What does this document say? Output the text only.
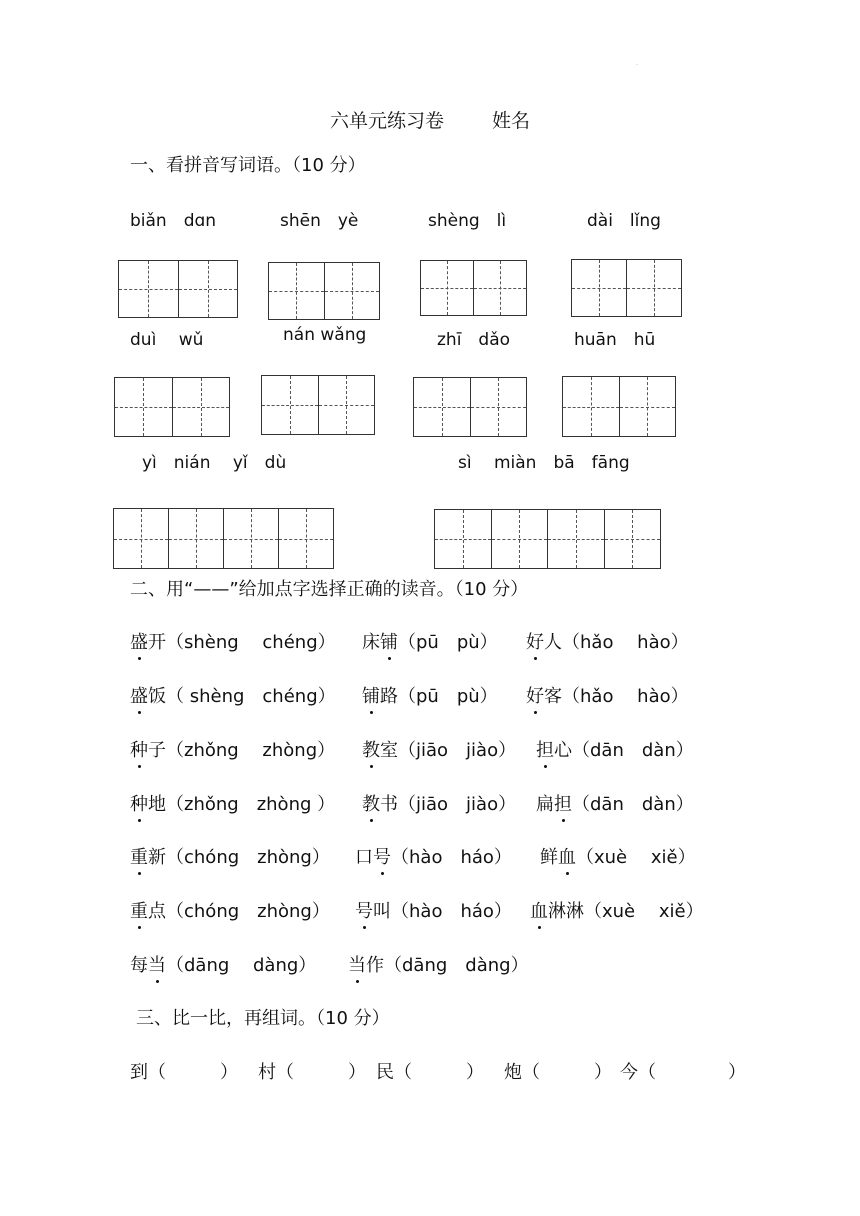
.
六单元练习卷	姓名
一、看拼音写词语。（10 分）
biǎn　dɑn	shēn　yè	shèng　lì	dài　lǐng
duì　 wǔ	nán wǎng	zhī　dǎo	huān　hū
yì　nián　 yǐ　dù	sì　 miàn　bā　fāng
二、用“——”给加点字选择正确的读音。（10 分）
盛开（shèng　 chéng） 床铺（pū　pù） 好人（hǎo　 hào）
盛饭（ shèng　chéng） 铺路（pū　pù） 好客（hǎo　 hào）
种子（zhǒng　 zhòng） 教室（jiāo　jiào） 担心（dān　dàn）
种地（zhǒng　zhòng ） 教书（jiāo　jiào） 扁担（dān　dàn）
重新（chóng　zhòng） 口号（hào　háo） 鲜血（xuè　 xiě）
重点（chóng　zhòng） 号叫（hào　háo） 血淋淋（xuè　 xiě）
每当（dāng　 dàng） 当作（dāng　dàng）
三、比一比，再组词。（10 分）
到（　　　） 村（　　　） 民（　　　） 炮（　　　） 今（　　　　）
